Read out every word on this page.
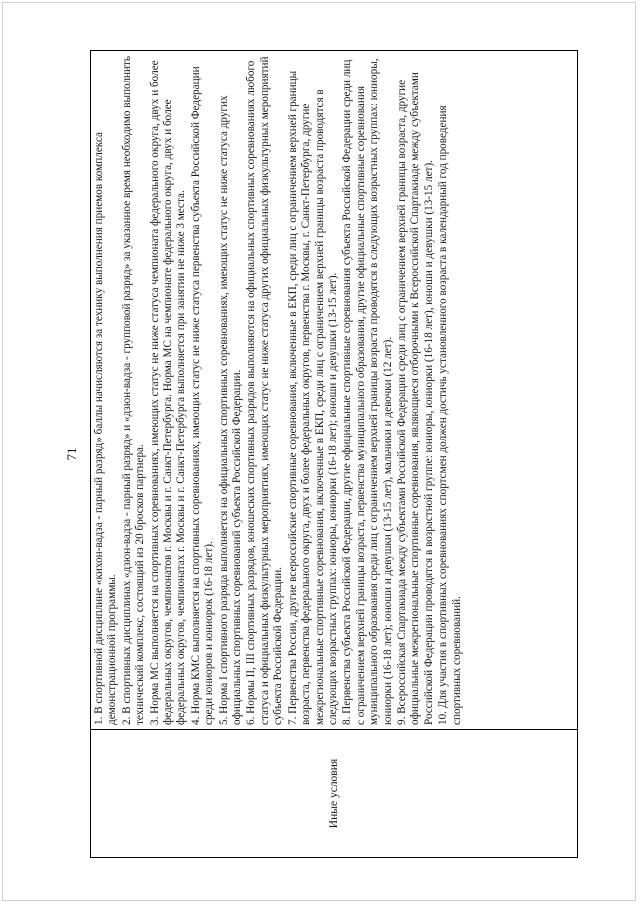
71
Иные условия

1. В спортивной дисциплине «кихон-вадза - парный разряд» баллы начисляются за технику выполнения приемов комплекса демонстрационной программы. 2. В спортивных дисциплинах «дзюн-вадза - парный разряд» и «дзюн-вадза - групповой разряд» за указанное время необходимо выполнить технический комплекс, состоящий из 20 бросков партнера. 3. Норма МС выполняется на спортивных соревнованиях, имеющих статус не ниже статуса чемпионата федерального округа, двух и более федеральных округов, чемпионатов г. Москвы и г. Санкт-Петербурга. Норма МС на чемпионате федерального округа, двух и более федеральных округов, чемпионатах г. Москвы и г. Санкт-Петербурга выполняется при занятии не ниже 3 места. 4. Норма КМС выполняется на спортивных соревнованиях, имеющих статус не ниже статуса первенства субъекта Российской Федерации среди юниоров и юниорок (16-18 лет). 5. Норма I спортивного разряда выполняется на официальных спортивных соревнованиях, имеющих статус не ниже статуса других официальных спортивных соревнований субъекта Российской Федерации. 6. Нормы II, III спортивных разрядов, юношеских спортивных разрядов выполняются на официальных спортивных соревнованиях любого статуса и официальных физкультурных мероприятиях, имеющих статус не ниже статуса других официальных физкультурных мероприятий субъекта Российской Федерации. 7. Первенства России, другие всероссийские спортивные соревнования, включенные в ЕКП, среди лиц с ограничением верхней границы возраста, первенства федерального округа, двух и более федеральных округов, первенства г. Москвы, г. Санкт-Петербурга, другие межрегиональные спортивные соревнования, включенные в ЕКП, среди лиц с ограничением верхней границы возраста проводятся в следующих возрастных группах: юниоры, юниорки (16-18 лет); юноши и девушки (13-15 лет). 8. Первенства субъекта Российской Федерации, другие официальные спортивные соревнования субъекта Российской Федерации среди лиц с ограничением верхней границы возраста, первенства муниципального образования, другие официальные спортивные соревнования муниципального образования среди лиц с ограничением верхней границы возраста проводятся в следующих возрастных группах: юниоры, юниорки (16-18 лет); юноши и девушки (13-15 лет), мальчики и девочки (12 лет). 9. Всероссийская Спартакиада между субъектами Российской Федерации среди лиц с ограничением верхней границы возраста, другие официальные межрегиональные спортивные соревнования, являющиеся отборочными к Всероссийской Спартакиаде между субъектами Российской Федерации проводятся в возрастной группе: юниоры, юниорки (16-18 лет), юноши и девушки (13-15 лет). 10. Для участия в спортивных соревнованиях спортсмен должен достичь установленного возраста в календарный год проведения спортивных соревнований.
